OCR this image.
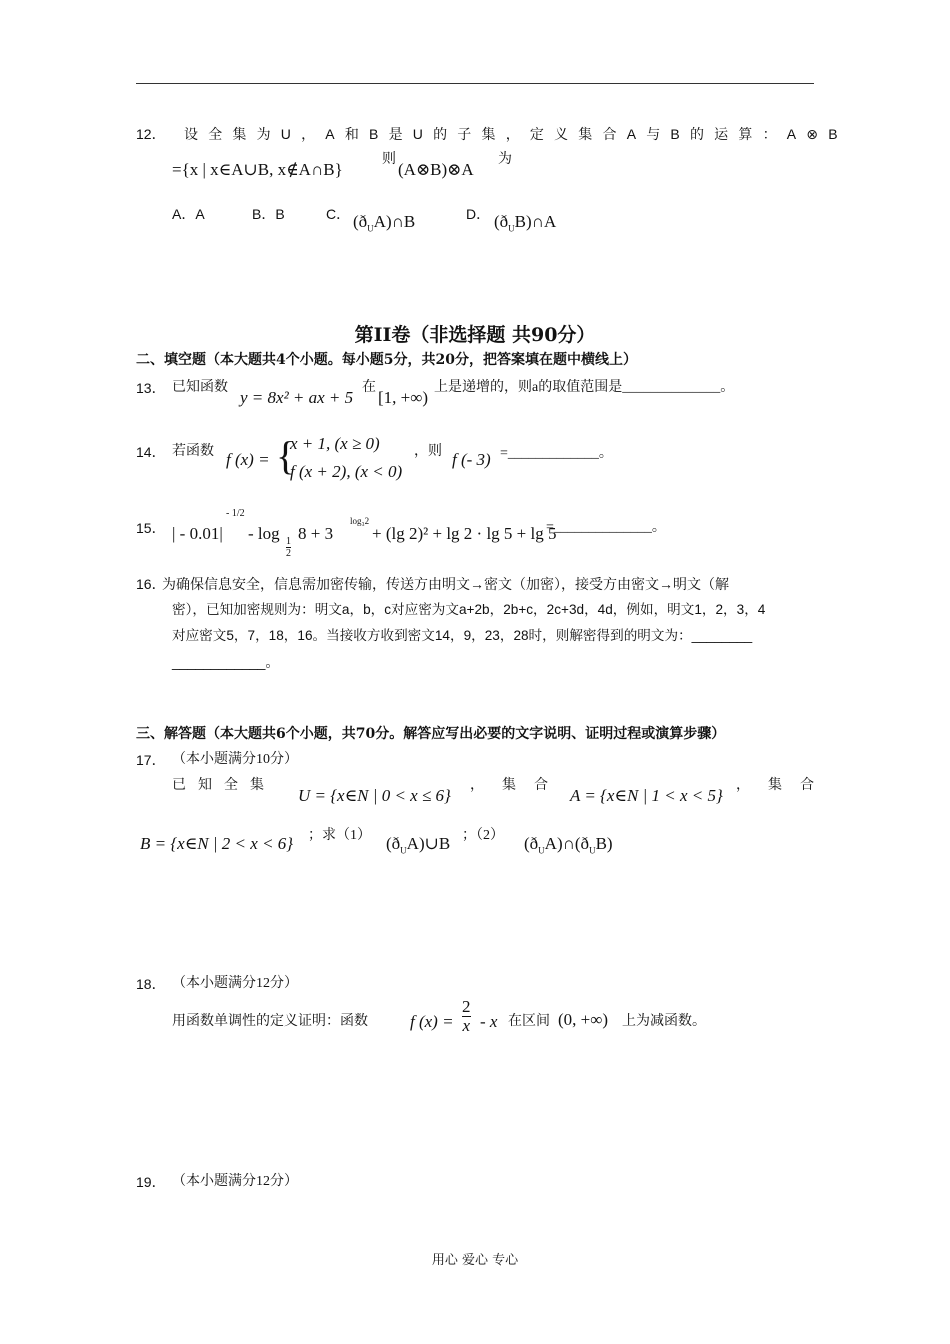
12． 设全集为U，A和B是U的子集，定义集合A与B的运算：A⊗B
={x | x∈A∪B, x∉A∩B}
则
(A⊗B)⊗A
为
A．A	B．B	C． $(ð_UA)\cap B$	D． $(ð_UB)\cap A$
第II卷（非选择题 共90分）
二、填空题（本大题共4个小题。每小题5分，共20分，把答案填在题中横线上）
13． 已知函数
y = 8x² + ax + 5
在
[1, +∞)
上是递增的，则a的取值范围是______________。
14． 若函数 f (x) = {
x + 1, (x ≥ 0)
f (x + 2), (x < 0)
，则 f (- 3) =_____________。
15． | - 0.01|
- 1/2
- log
$\frac{1}{2}$
8 + 3
log₃2
+ (lg 2)² + lg 2 · lg 5 + lg 5
=______________。
16．
为确保信息安全，信息需加密传输，传送方由明文→密文（加密），接受方由密文→明文（解
密），已知加密规则为：明文a，b，c对应密为文a+2b，2b+c，2c+3d，4d，例如，明文1，2，3，4
对应密文5，7，18，16。当接收方收到密文14，9，23，28时，则解密得到的明文为：________
____________。
三、解答题（本大题共6个小题，共70分。解答应写出必要的文字说明、证明过程或演算步骤）
17． （本小题满分10分）
已知全集
U = {x∈N | 0 < x ≤ 6}
，集合
A = {x∈N | 1 < x < 5}
，集合
B = {x∈N | 2 < x < 6} ；求（1） $(ð_UA)\cup B$ ；（2） $(ð_UA)\cap(ð_UB)$
18． （本小题满分12分）
用函数单调性的定义证明：函数 f $(x) = \frac{2}{x} - x$ 在区间 (0, +∞) 上为减函数。
19． （本小题满分12分）
用心 爱心 专心
